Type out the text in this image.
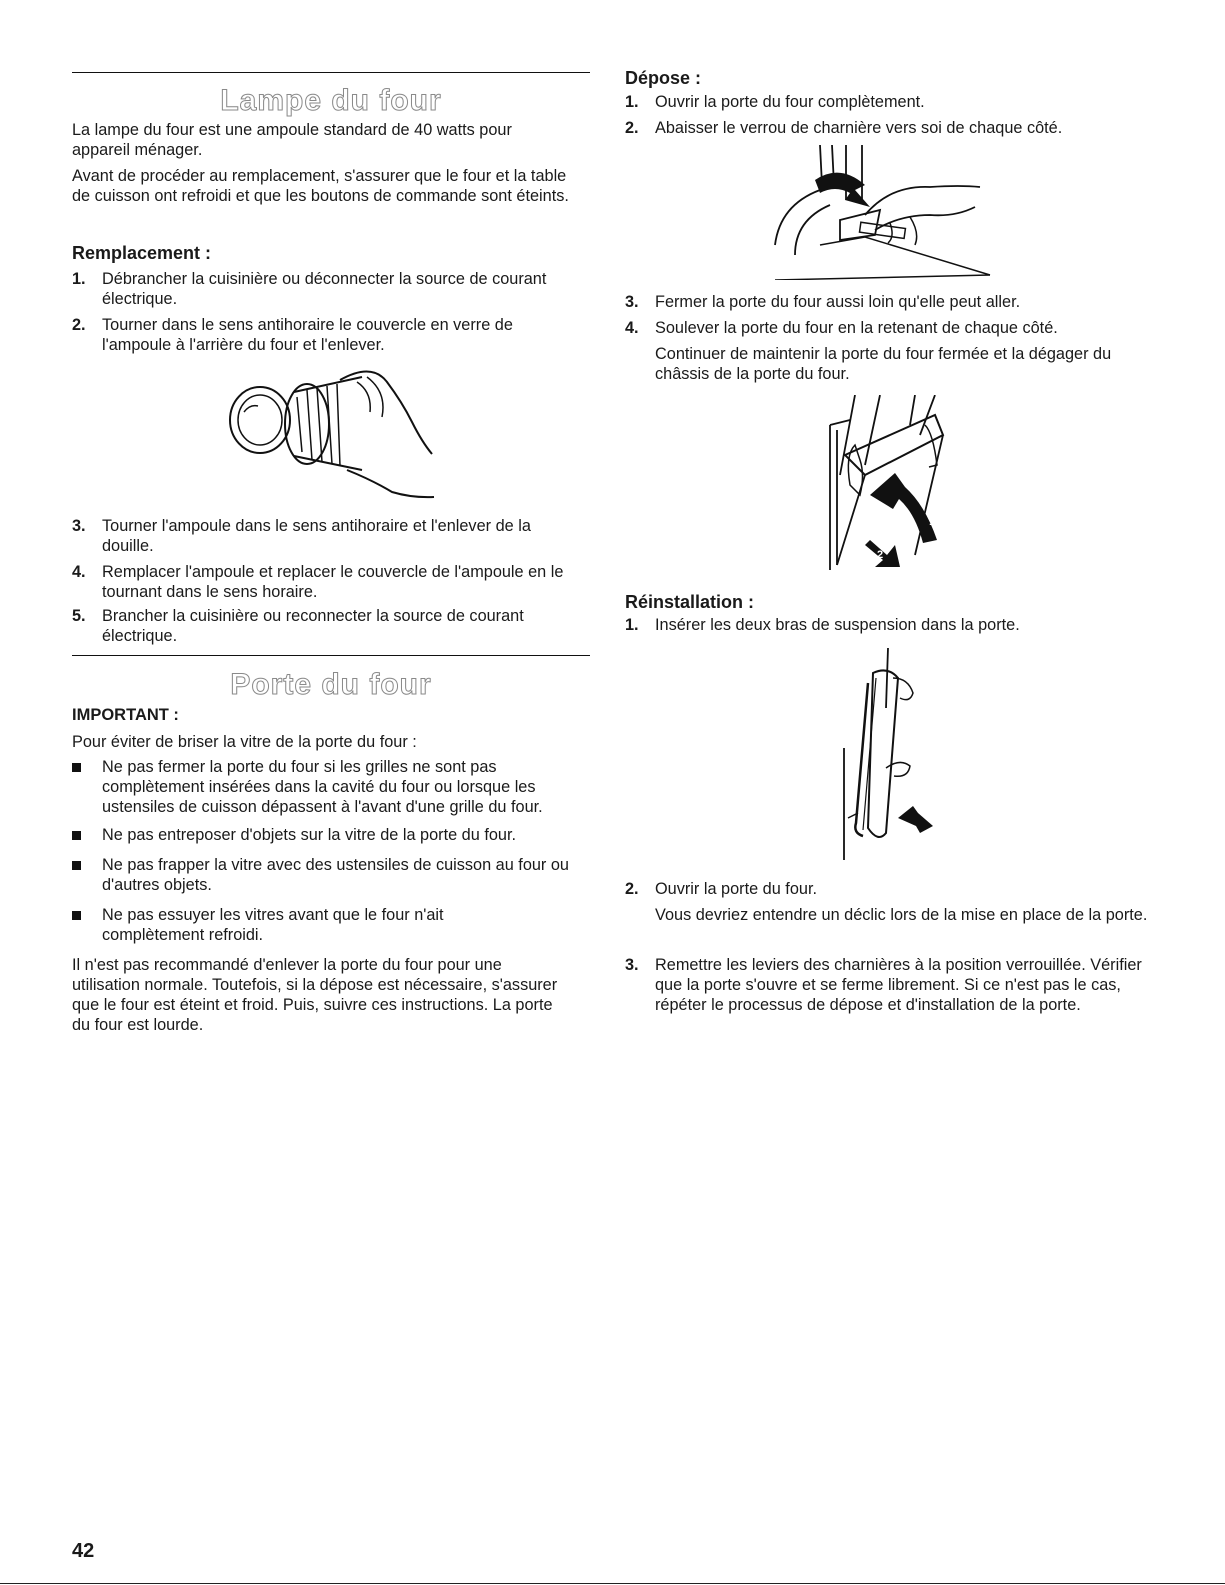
Lampe du four

La lampe du four est une ampoule standard de 40 watts pour appareil ménager.

Avant de procéder au remplacement, s'assurer que le four et la table de cuisson ont refroidi et que les boutons de commande sont éteints.

Remplacement :

1.	Débrancher la cuisinière ou déconnecter la source de courant électrique.
2.	Tourner dans le sens antihoraire le couvercle en verre de l'ampoule à l'arrière du four et l'enlever.
3.	Tourner l'ampoule dans le sens antihoraire et l'enlever de la douille.
4.	Remplacer l'ampoule et replacer le couvercle de l'ampoule en le tournant dans le sens horaire.
5.	Brancher la cuisinière ou reconnecter la source de courant électrique.
Porte du four

IMPORTANT :

Pour éviter de briser la vitre de la porte du four :

Ne pas fermer la porte du four si les grilles ne sont pas complètement insérées dans la cavité du four ou lorsque les ustensiles de cuisson dépassent à l'avant d'une grille du four.
Ne pas entreposer d'objets sur la vitre de la porte du four.
Ne pas frapper la vitre avec des ustensiles de cuisson au four ou d'autres objets.
Ne pas essuyer les vitres avant que le four n'ait complètement refroidi.

Il n'est pas recommandé d'enlever la porte du four pour une utilisation normale. Toutefois, si la dépose est nécessaire, s'assurer que le four est éteint et froid. Puis, suivre ces instructions. La porte du four est lourde.

Dépose :

1.	Ouvrir la porte du four complètement.
2.	Abaisser le verrou de charnière vers soi de chaque côté.
3.	Fermer la porte du four aussi loin qu'elle peut aller.
4.	Soulever la porte du four en la retenant de chaque côté.

Continuer de maintenir la porte du four fermée et la dégager du châssis de la porte du four.

1
2

Réinstallation :

1.	Insérer les deux bras de suspension dans la porte.
2.	Ouvrir la porte du four.

Vous devriez entendre un déclic lors de la mise en place de la porte.

3.	Remettre les leviers des charnières à la position verrouillée. Vérifier que la porte s'ouvre et se ferme librement. Si ce n'est pas le cas, répéter le processus de dépose et d'installation de la porte.
42
